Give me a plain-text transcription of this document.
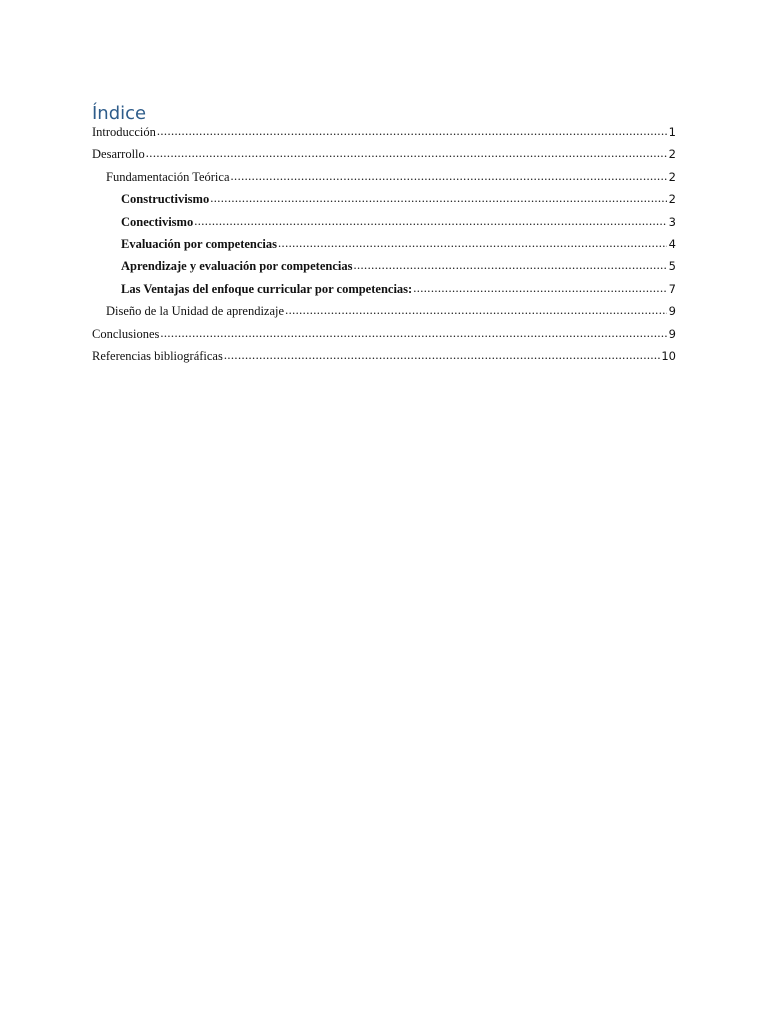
Índice
Introducción .....	1
Desarrollo .....	2
Fundamentación Teórica .....	2
Constructivismo .....	2
Conectivismo .....	3
Evaluación por competencias .....	4
Aprendizaje y evaluación por competencias .....	5
Las Ventajas del enfoque curricular por competencias: .....	7
Diseño de la Unidad de aprendizaje .....	9
Conclusiones .....	9
Referencias bibliográficas .....	10
